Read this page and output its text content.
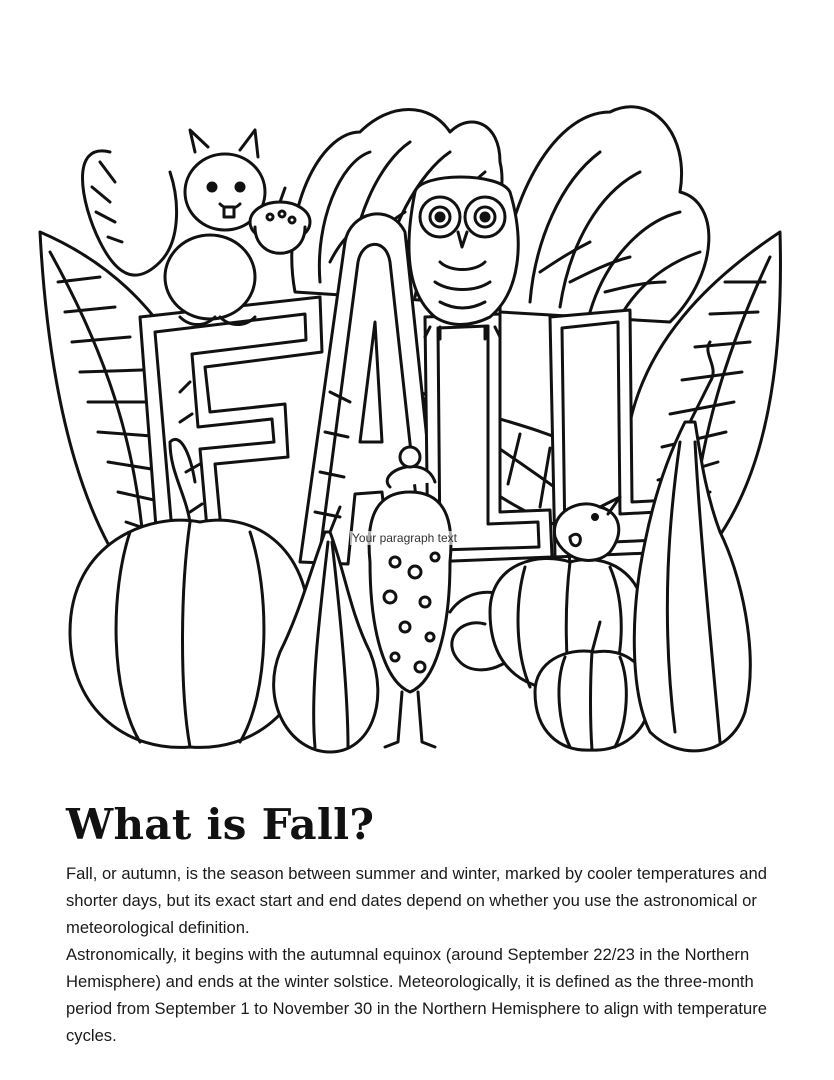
Your paragraph text
What is Fall?

Fall, or autumn, is the season between summer and winter, marked by cooler temperatures and shorter days, but its exact start and end dates depend on whether you use the astronomical or meteorological definition.

Astronomically, it begins with the autumnal equinox (around September 22/23 in the Northern Hemisphere) and ends at the winter solstice. Meteorologically, it is defined as the three-month period from September 1 to November 30 in the Northern Hemisphere to align with temperature cycles.
